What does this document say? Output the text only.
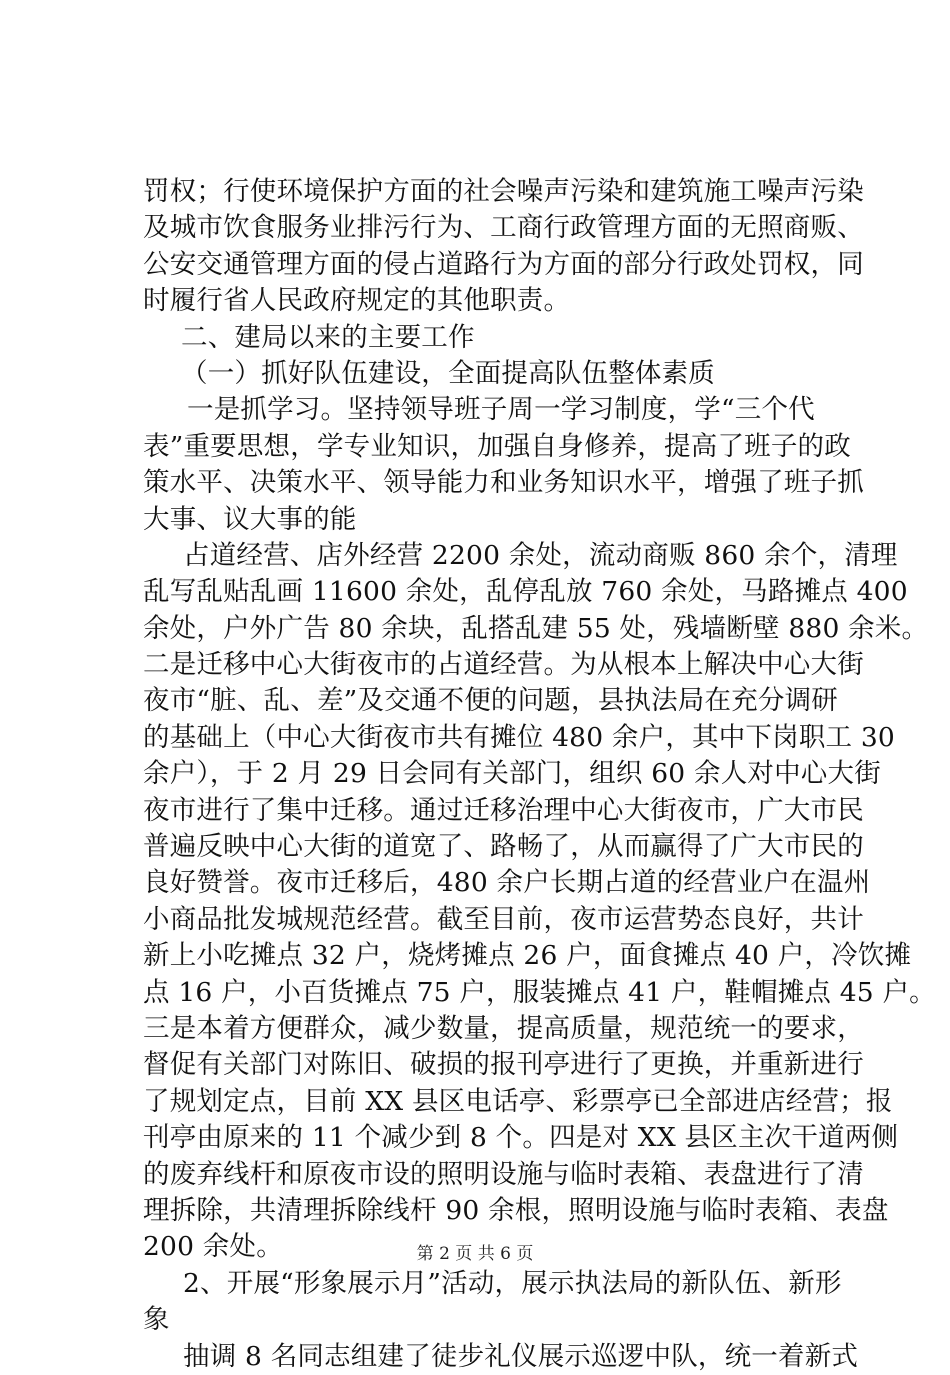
罚权；行使环境保护方面的社会噪声污染和建筑施工噪声污染
及城市饮食服务业排污行为、工商行政管理方面的无照商贩、
公安交通管理方面的侵占道路行为方面的部分行政处罚权，同
时履行省人民政府规定的其他职责。
二、建局以来的主要工作
（一）抓好队伍建设，全面提高队伍整体素质
一是抓学习。坚持领导班子周一学习制度，学“三个代
表”重要思想，学专业知识，加强自身修养，提高了班子的政
策水平、决策水平、领导能力和业务知识水平，增强了班子抓
大事、议大事的能
占道经营、店外经营 2200 余处，流动商贩 860 余个，清理
乱写乱贴乱画 11600 余处，乱停乱放 760 余处，马路摊点 400
余处，户外广告 80 余块，乱搭乱建 55 处，残墙断壁 880 余米。
二是迁移中心大街夜市的占道经营。为从根本上解决中心大街
夜市“脏、乱、差”及交通不便的问题，县执法局在充分调研
的基础上（中心大街夜市共有摊位 480 余户，其中下岗职工 30
余户），于 2 月 29 日会同有关部门，组织 60 余人对中心大街
夜市进行了集中迁移。通过迁移治理中心大街夜市，广大市民
普遍反映中心大街的道宽了、路畅了，从而赢得了广大市民的
良好赞誉。夜市迁移后，480 余户长期占道的经营业户在温州
小商品批发城规范经营。截至目前，夜市运营势态良好，共计
新上小吃摊点 32 户，烧烤摊点 26 户，面食摊点 40 户，冷饮摊
点 16 户，小百货摊点 75 户，服装摊点 41 户，鞋帽摊点 45 户。
三是本着方便群众，减少数量，提高质量，规范统一的要求，
督促有关部门对陈旧、破损的报刊亭进行了更换，并重新进行
了规划定点，目前 XX 县区电话亭、彩票亭已全部进店经营；报
刊亭由原来的 11 个减少到 8 个。四是对 XX 县区主次干道两侧
的废弃线杆和原夜市设的照明设施与临时表箱、表盘进行了清
理拆除，共清理拆除线杆 90 余根，照明设施与临时表箱、表盘
200 余处。
2、开展“形象展示月”活动，展示执法局的新队伍、新形
象
抽调 8 名同志组建了徒步礼仪展示巡逻中队，统一着新式
第 2 页 共 6 页
